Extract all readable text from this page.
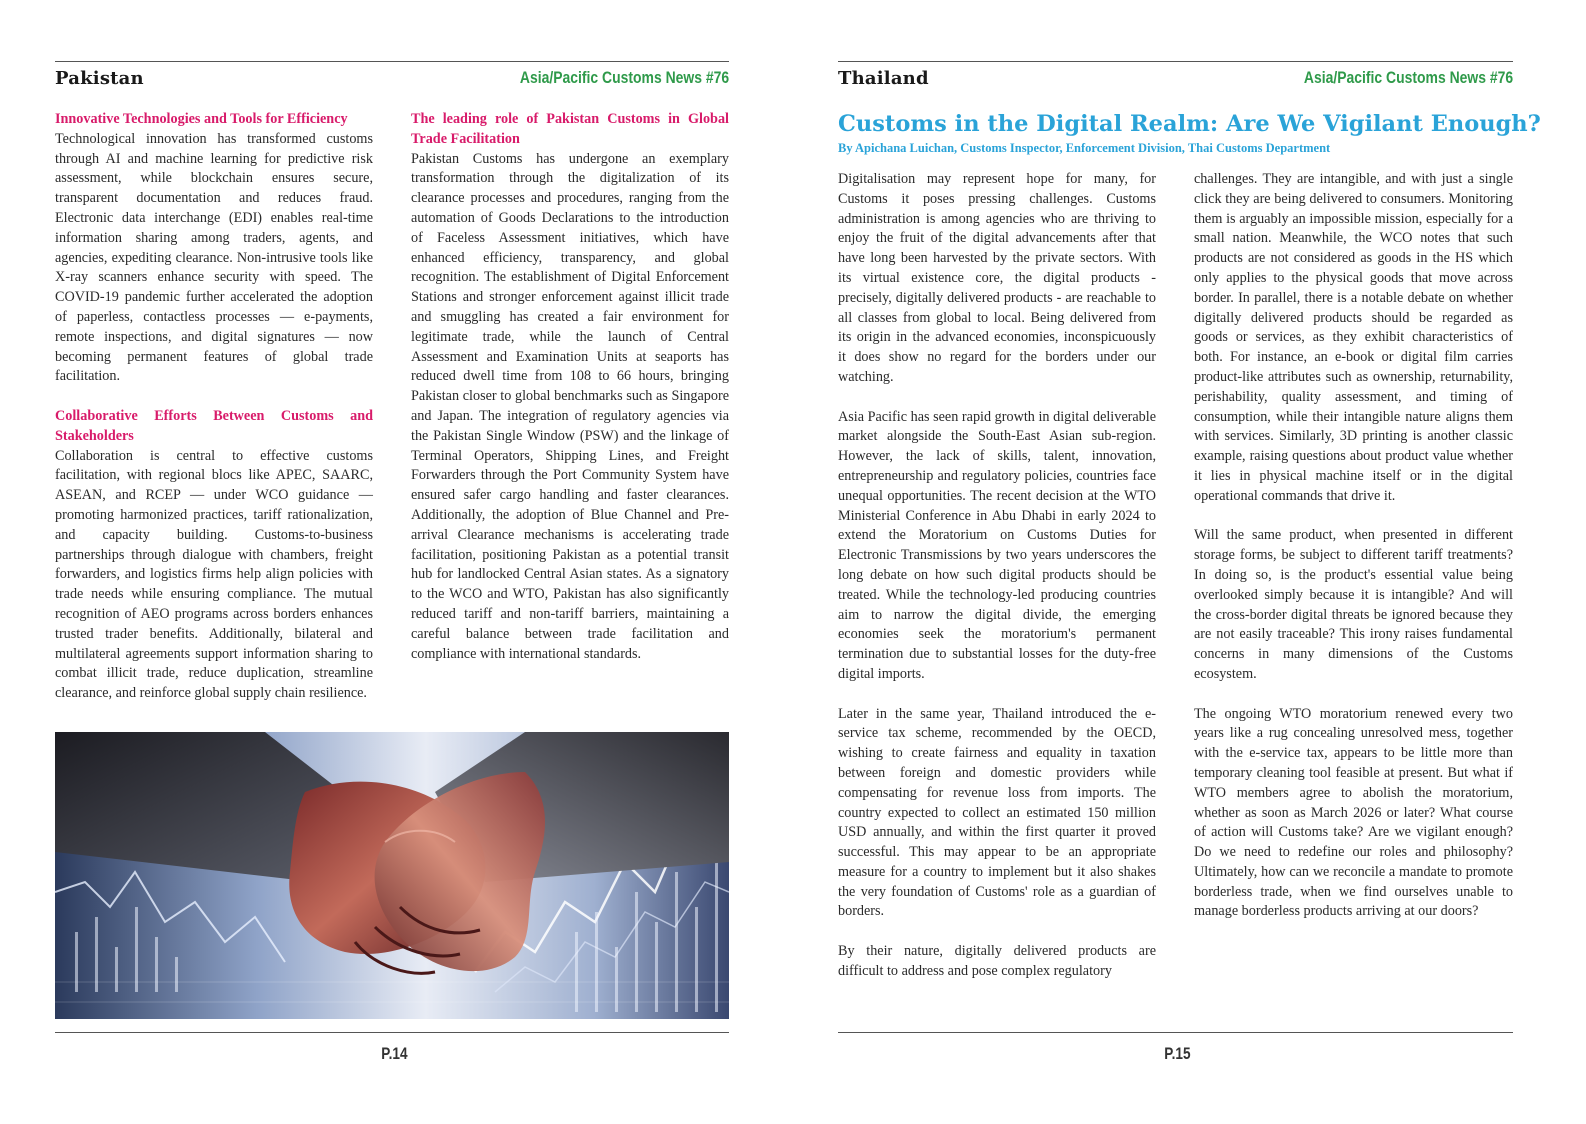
Pakistan	Asia/Pacific Customs News #76
Innovative Technologies and Tools for Efficiency

Technological innovation has transformed customs through AI and machine learning for predictive risk assessment, while blockchain ensures secure, transparent documentation and reduces fraud. Electronic data interchange (EDI) enables real-time information sharing among traders, agents, and agencies, expediting clearance. Non-intrusive tools like X-ray scanners enhance security with speed. The COVID-19 pandemic further accelerated the adoption of paperless, contactless processes — e-payments, remote inspections, and digital signatures — now becoming permanent features of global trade facilitation.

Collaborative Efforts Between Customs and Stakeholders

Collaboration is central to effective customs facilitation, with regional blocs like APEC, SAARC, ASEAN, and RCEP — under WCO guidance — promoting harmonized practices, tariff rationalization, and capacity building. Customs-to-business partnerships through dialogue with chambers, freight forwarders, and logistics firms help align policies with trade needs while ensuring compliance. The mutual recognition of AEO programs across borders enhances trusted trader benefits. Additionally, bilateral and multilateral agreements support information sharing to combat illicit trade, reduce duplication, streamline clearance, and reinforce global supply chain resilience.

The leading role of Pakistan Customs in Global Trade Facilitation

Pakistan Customs has undergone an exemplary transformation through the digitalization of its clearance processes and procedures, ranging from the automation of Goods Declarations to the introduction of Faceless Assessment initiatives, which have enhanced efficiency, transparency, and global recognition. The establishment of Digital Enforcement Stations and stronger enforcement against illicit trade and smuggling has created a fair environment for legitimate trade, while the launch of Central Assessment and Examination Units at seaports has reduced dwell time from 108 to 66 hours, bringing Pakistan closer to global benchmarks such as Singapore and Japan. The integration of regulatory agencies via the Pakistan Single Window (PSW) and the linkage of Terminal Operators, Shipping Lines, and Freight Forwarders through the Port Community System have ensured safer cargo handling and faster clearances. Additionally, the adoption of Blue Channel and Pre-arrival Clearance mechanisms is accelerating trade facilitation, positioning Pakistan as a potential transit hub for landlocked Central Asian states. As a signatory to the WCO and WTO, Pakistan has also significantly reduced tariff and non-tariff barriers, maintaining a careful balance between trade facilitation and compliance with international standards.

P.14
Thailand	Asia/Pacific Customs News #76
Customs in the Digital Realm: Are We Vigilant Enough?
By Apichana Luichan, Customs Inspector, Enforcement Division, Thai Customs Department

Digitalisation may represent hope for many, for Customs it poses pressing challenges. Customs administration is among agencies who are thriving to enjoy the fruit of the digital advancements after that have long been harvested by the private sectors. With its virtual existence core, the digital products - precisely, digitally delivered products - are reachable to all classes from global to local. Being delivered from its origin in the advanced economies, inconspicuously it does show no regard for the borders under our watching.

Asia Pacific has seen rapid growth in digital deliverable market alongside the South-East Asian sub-region. However, the lack of skills, talent, innovation, entrepreneurship and regulatory policies, countries face unequal opportunities. The recent decision at the WTO Ministerial Conference in Abu Dhabi in early 2024 to extend the Moratorium on Customs Duties for Electronic Transmissions by two years underscores the long debate on how such digital products should be treated. While the technology-led producing countries aim to narrow the digital divide, the emerging economies seek the moratorium's permanent termination due to substantial losses for the duty-free digital imports.

Later in the same year, Thailand introduced the e-service tax scheme, recommended by the OECD, wishing to create fairness and equality in taxation between foreign and domestic providers while compensating for revenue loss from imports. The country expected to collect an estimated 150 million USD annually, and within the first quarter it proved successful. This may appear to be an appropriate measure for a country to implement but it also shakes the very foundation of Customs' role as a guardian of borders.

By their nature, digitally delivered products are difficult to address and pose complex regulatory

challenges. They are intangible, and with just a single click they are being delivered to consumers. Monitoring them is arguably an impossible mission, especially for a small nation. Meanwhile, the WCO notes that such products are not considered as goods in the HS which only applies to the physical goods that move across border. In parallel, there is a notable debate on whether digitally delivered products should be regarded as goods or services, as they exhibit characteristics of both. For instance, an e-book or digital film carries product-like attributes such as ownership, returnability, perishability, quality assessment, and timing of consumption, while their intangible nature aligns them with services. Similarly, 3D printing is another classic example, raising questions about product value whether it lies in physical machine itself or in the digital operational commands that drive it.

Will the same product, when presented in different storage forms, be subject to different tariff treatments? In doing so, is the product's essential value being overlooked simply because it is intangible? And will the cross-border digital threats be ignored because they are not easily traceable? This irony raises fundamental concerns in many dimensions of the Customs ecosystem.

The ongoing WTO moratorium renewed every two years like a rug concealing unresolved mess, together with the e-service tax, appears to be little more than temporary cleaning tool feasible at present. But what if WTO members agree to abolish the moratorium, whether as soon as March 2026 or later? What course of action will Customs take? Are we vigilant enough? Do we need to redefine our roles and philosophy? Ultimately, how can we reconcile a mandate to promote borderless trade, when we find ourselves unable to manage borderless products arriving at our doors?

P.15
